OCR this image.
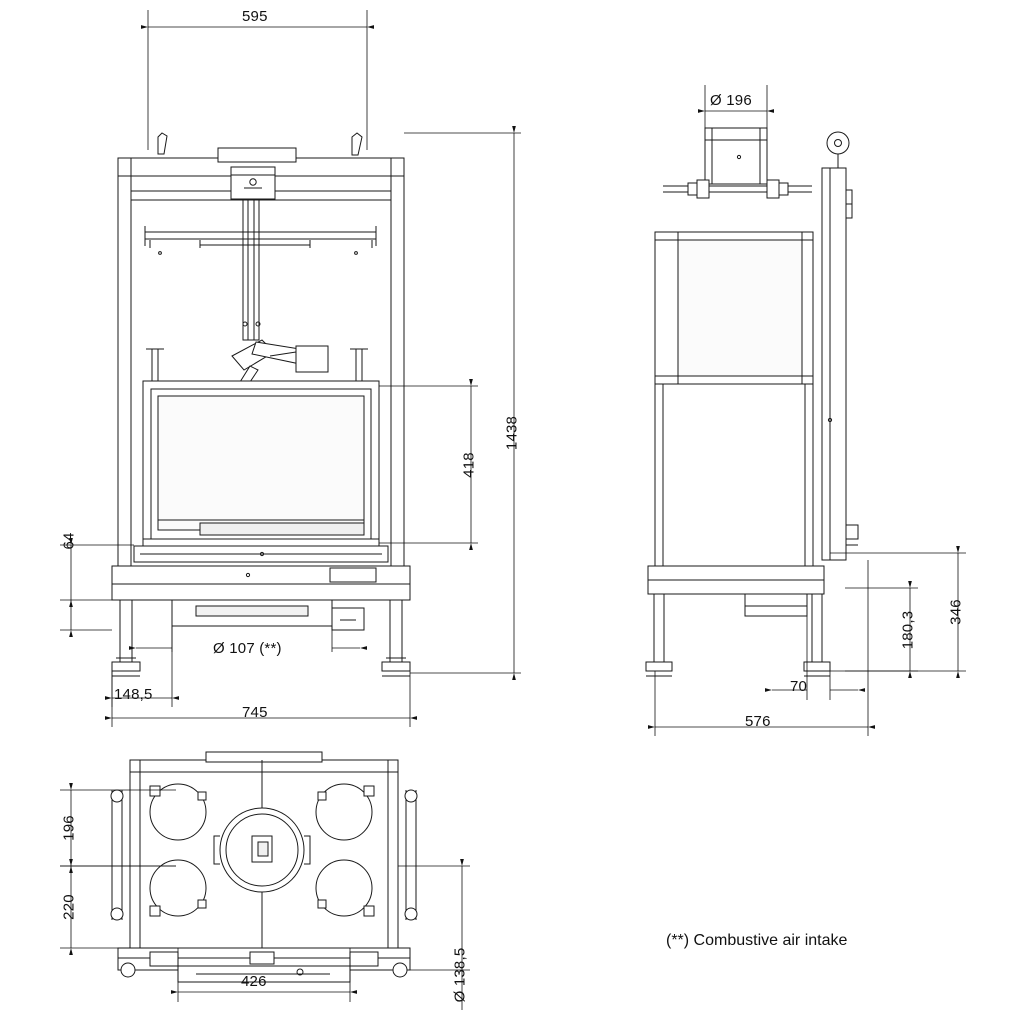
595
1438
418
64
Ø 107 (**)
148,5
745
Ø 196
346
180,3
70
576
196
220
426	Ø 138,5
(**) Combustive air intake
